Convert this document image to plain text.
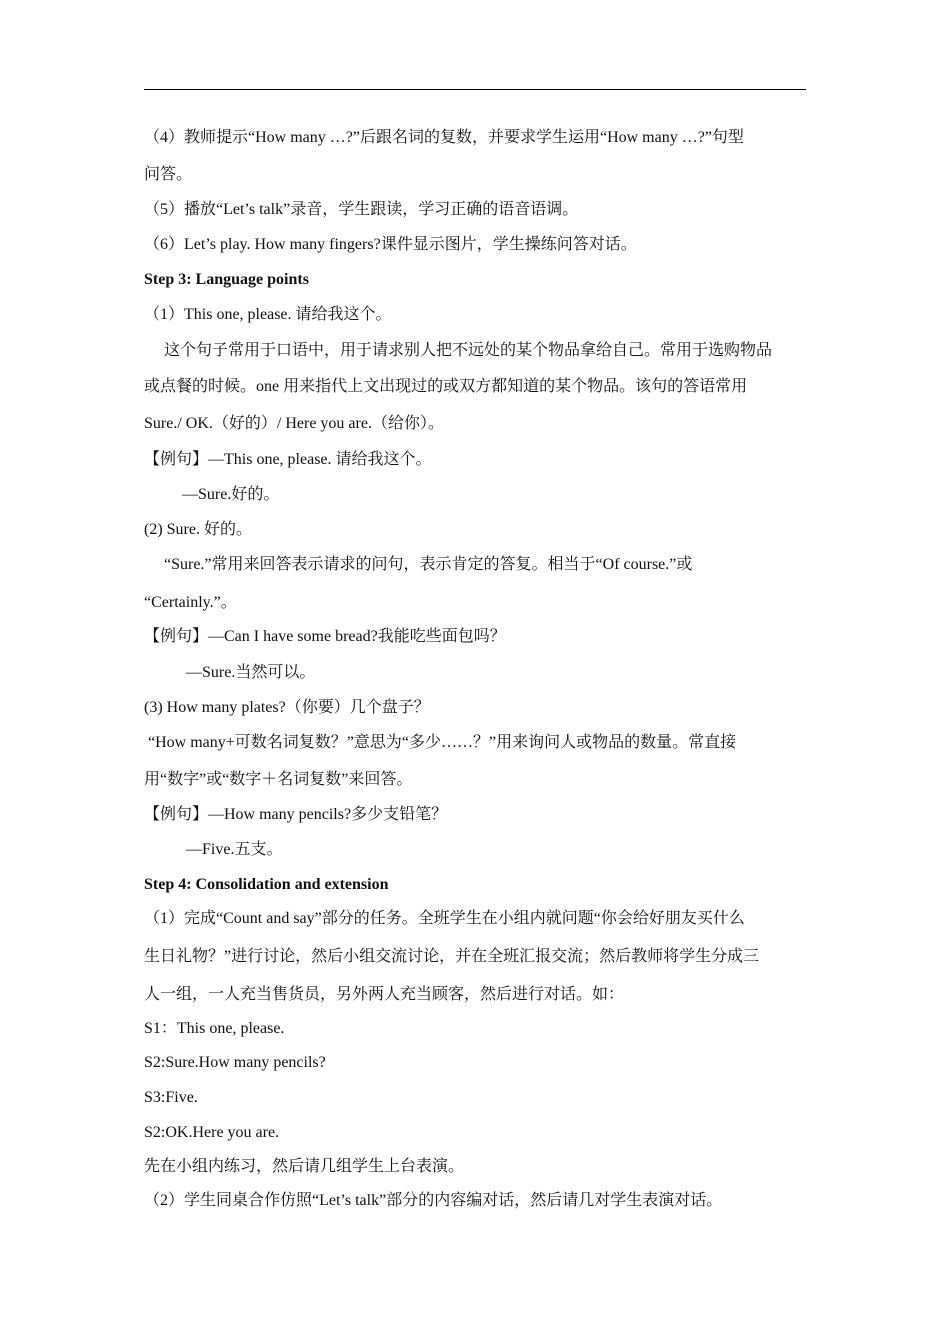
（4）教师提示“How many …?”后跟名词的复数，并要求学生运用“How many …?”句型
问答。
（5）播放“Let’s talk”录音，学生跟读，学习正确的语音语调。
（6）Let’s play. How many fingers?课件显示图片，学生操练问答对话。
Step 3: Language points
（1）This one, please. 请给我这个。
这个句子常用于口语中，用于请求别人把不远处的某个物品拿给自己。常用于选购物品
或点餐的时候。one 用来指代上文出现过的或双方都知道的某个物品。该句的答语常用
Sure./ OK.（好的）/ Here you are.（给你）。
【例句】—This one, please. 请给我这个。
—Sure.好的。
(2) Sure. 好的。
“Sure.”常用来回答表示请求的问句，表示肯定的答复。相当于“Of course.”或
“Certainly.”。
【例句】—Can I have some bread?我能吃些面包吗？
—Sure.当然可以。
(3) How many plates?（你要）几个盘子？
“How many+可数名词复数？”意思为“多少……？”用来询问人或物品的数量。常直接
用“数字”或“数字＋名词复数”来回答。
【例句】—How many pencils?多少支铅笔？
—Five.五支。
Step 4: Consolidation and extension
（1）完成“Count and say”部分的任务。全班学生在小组内就问题“你会给好朋友买什么
生日礼物？”进行讨论，然后小组交流讨论，并在全班汇报交流；然后教师将学生分成三
人一组，一人充当售货员，另外两人充当顾客，然后进行对话。如：
S1：This one, please.
S2:Sure.How many pencils?
S3:Five.
S2:OK.Here you are.
先在小组内练习，然后请几组学生上台表演。
（2）学生同桌合作仿照“Let’s talk”部分的内容编对话，然后请几对学生表演对话。
